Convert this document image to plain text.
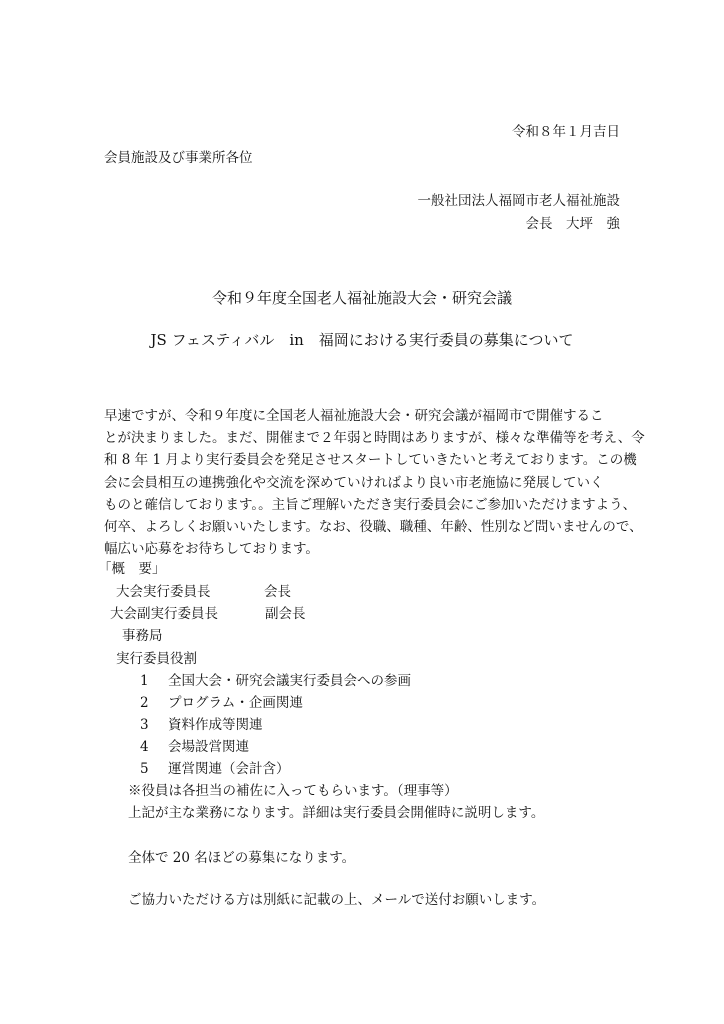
令和８年１月吉日
会員施設及び事業所各位
一般社団法人福岡市老人福祉施設
会長　大坪　強
令和９年度全国老人福祉施設大会・研究会議
JS フェスティバル　in　福岡における実行委員の募集について
早速ですが、令和９年度に全国老人福祉施設大会・研究会議が福岡市で開催するこ
とが決まりました。まだ、開催まで２年弱と時間はありますが、様々な準備等を考え、令
和 8 年 1 月より実行委員会を発足させスタートしていきたいと考えております。この機
会に会員相互の連携強化や交流を深めていければより良い市老施協に発展していく
ものと確信しております。。主旨ご理解いただき実行委員会にご参加いただけますよう、
何卒、よろしくお願いいたします。なお、役職、職種、年齢、性別など問いませんので、
幅広い応募をお待ちしております。
「概　要」
大会実行委員長	会長
大会副実行委員長	副会長
事務局
実行委員役割
1 全国大会・研究会議実行委員会への参画
2 プログラム・企画関連
3 資料作成等関連
4 会場設営関連
5 運営関連（会計含）
※役員は各担当の補佐に入ってもらいます。（理事等）
上記が主な業務になります。詳細は実行委員会開催時に説明します。
全体で 20 名ほどの募集になります。
ご協力いただける方は別紙に記載の上、メールで送付お願いします。
